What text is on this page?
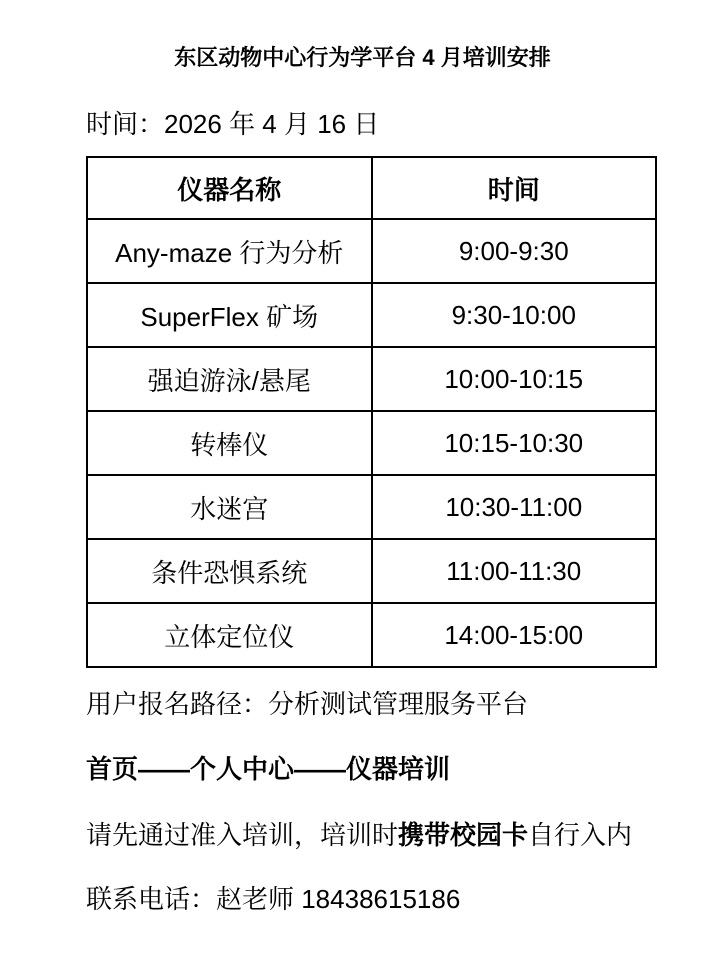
东区动物中心行为学平台 4 月培训安排
时间：2026 年 4 月 16 日
仪器名称	时间
Any-maze 行为分析	9:00-9:30
SuperFlex 矿场	9:30-10:00
强迫游泳/悬尾	10:00-10:15
转棒仪	10:15-10:30
水迷宫	10:30-11:00
条件恐惧系统	11:00-11:30
立体定位仪	14:00-15:00
用户报名路径：分析测试管理服务平台
首页——个人中心——仪器培训
请先通过准入培训，培训时携带校园卡自行入内
联系电话：赵老师 18438615186
